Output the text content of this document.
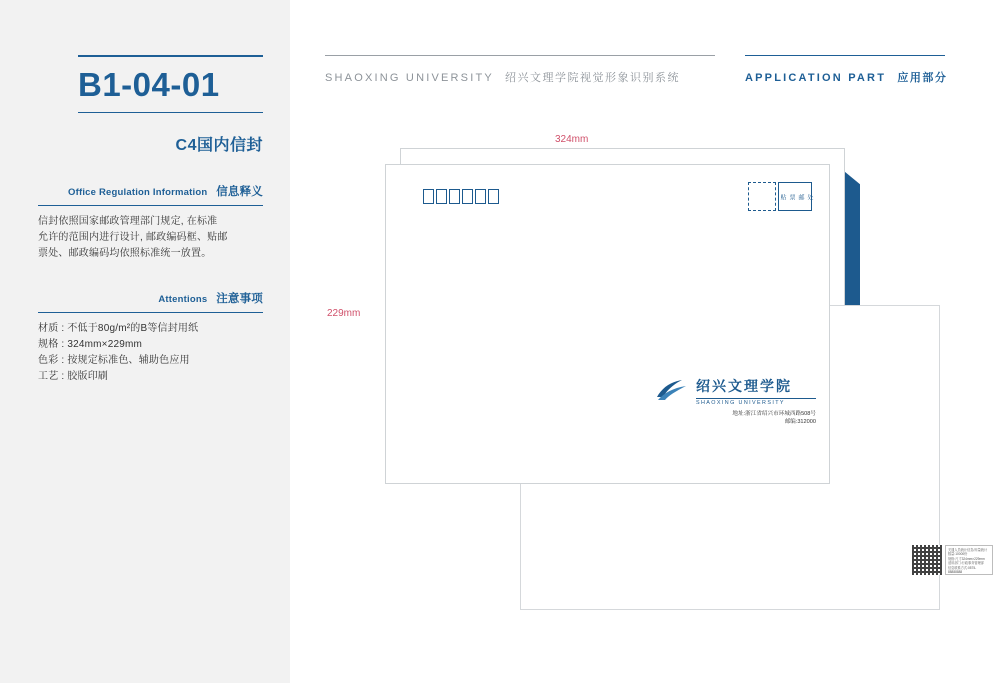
B1-04-01
C4国内信封
Office Regulation Information 信息释义

信封依照国家邮政管理部门规定, 在标准

允许的范围内进行设计, 邮政编码框、贴邮

票处、邮政编码均依照标准统一放置。

Attentions 注意事项

材质 : 不低于80g/m²的B等信封用纸

规格 : 324mm×229mm

色彩 : 按规定标准色、辅助色应用

工艺 : 胶版印刷

SHAOXING UNIVERSITY 绍兴文理学院视觉形象识别系统	APPLICATION PART 应用部分
贴 票 邮 处
绍兴文理学院
SHAOXING UNIVERSITY
地址:浙江省绍兴市环城西路508号
邮编:312000
324mm
229mm

关通人员统计信息/用量统计

数量:10000份

规格:尺寸324mm×229mm

适用部门:行政事务管理部

信息联系方式:0575-88888888
